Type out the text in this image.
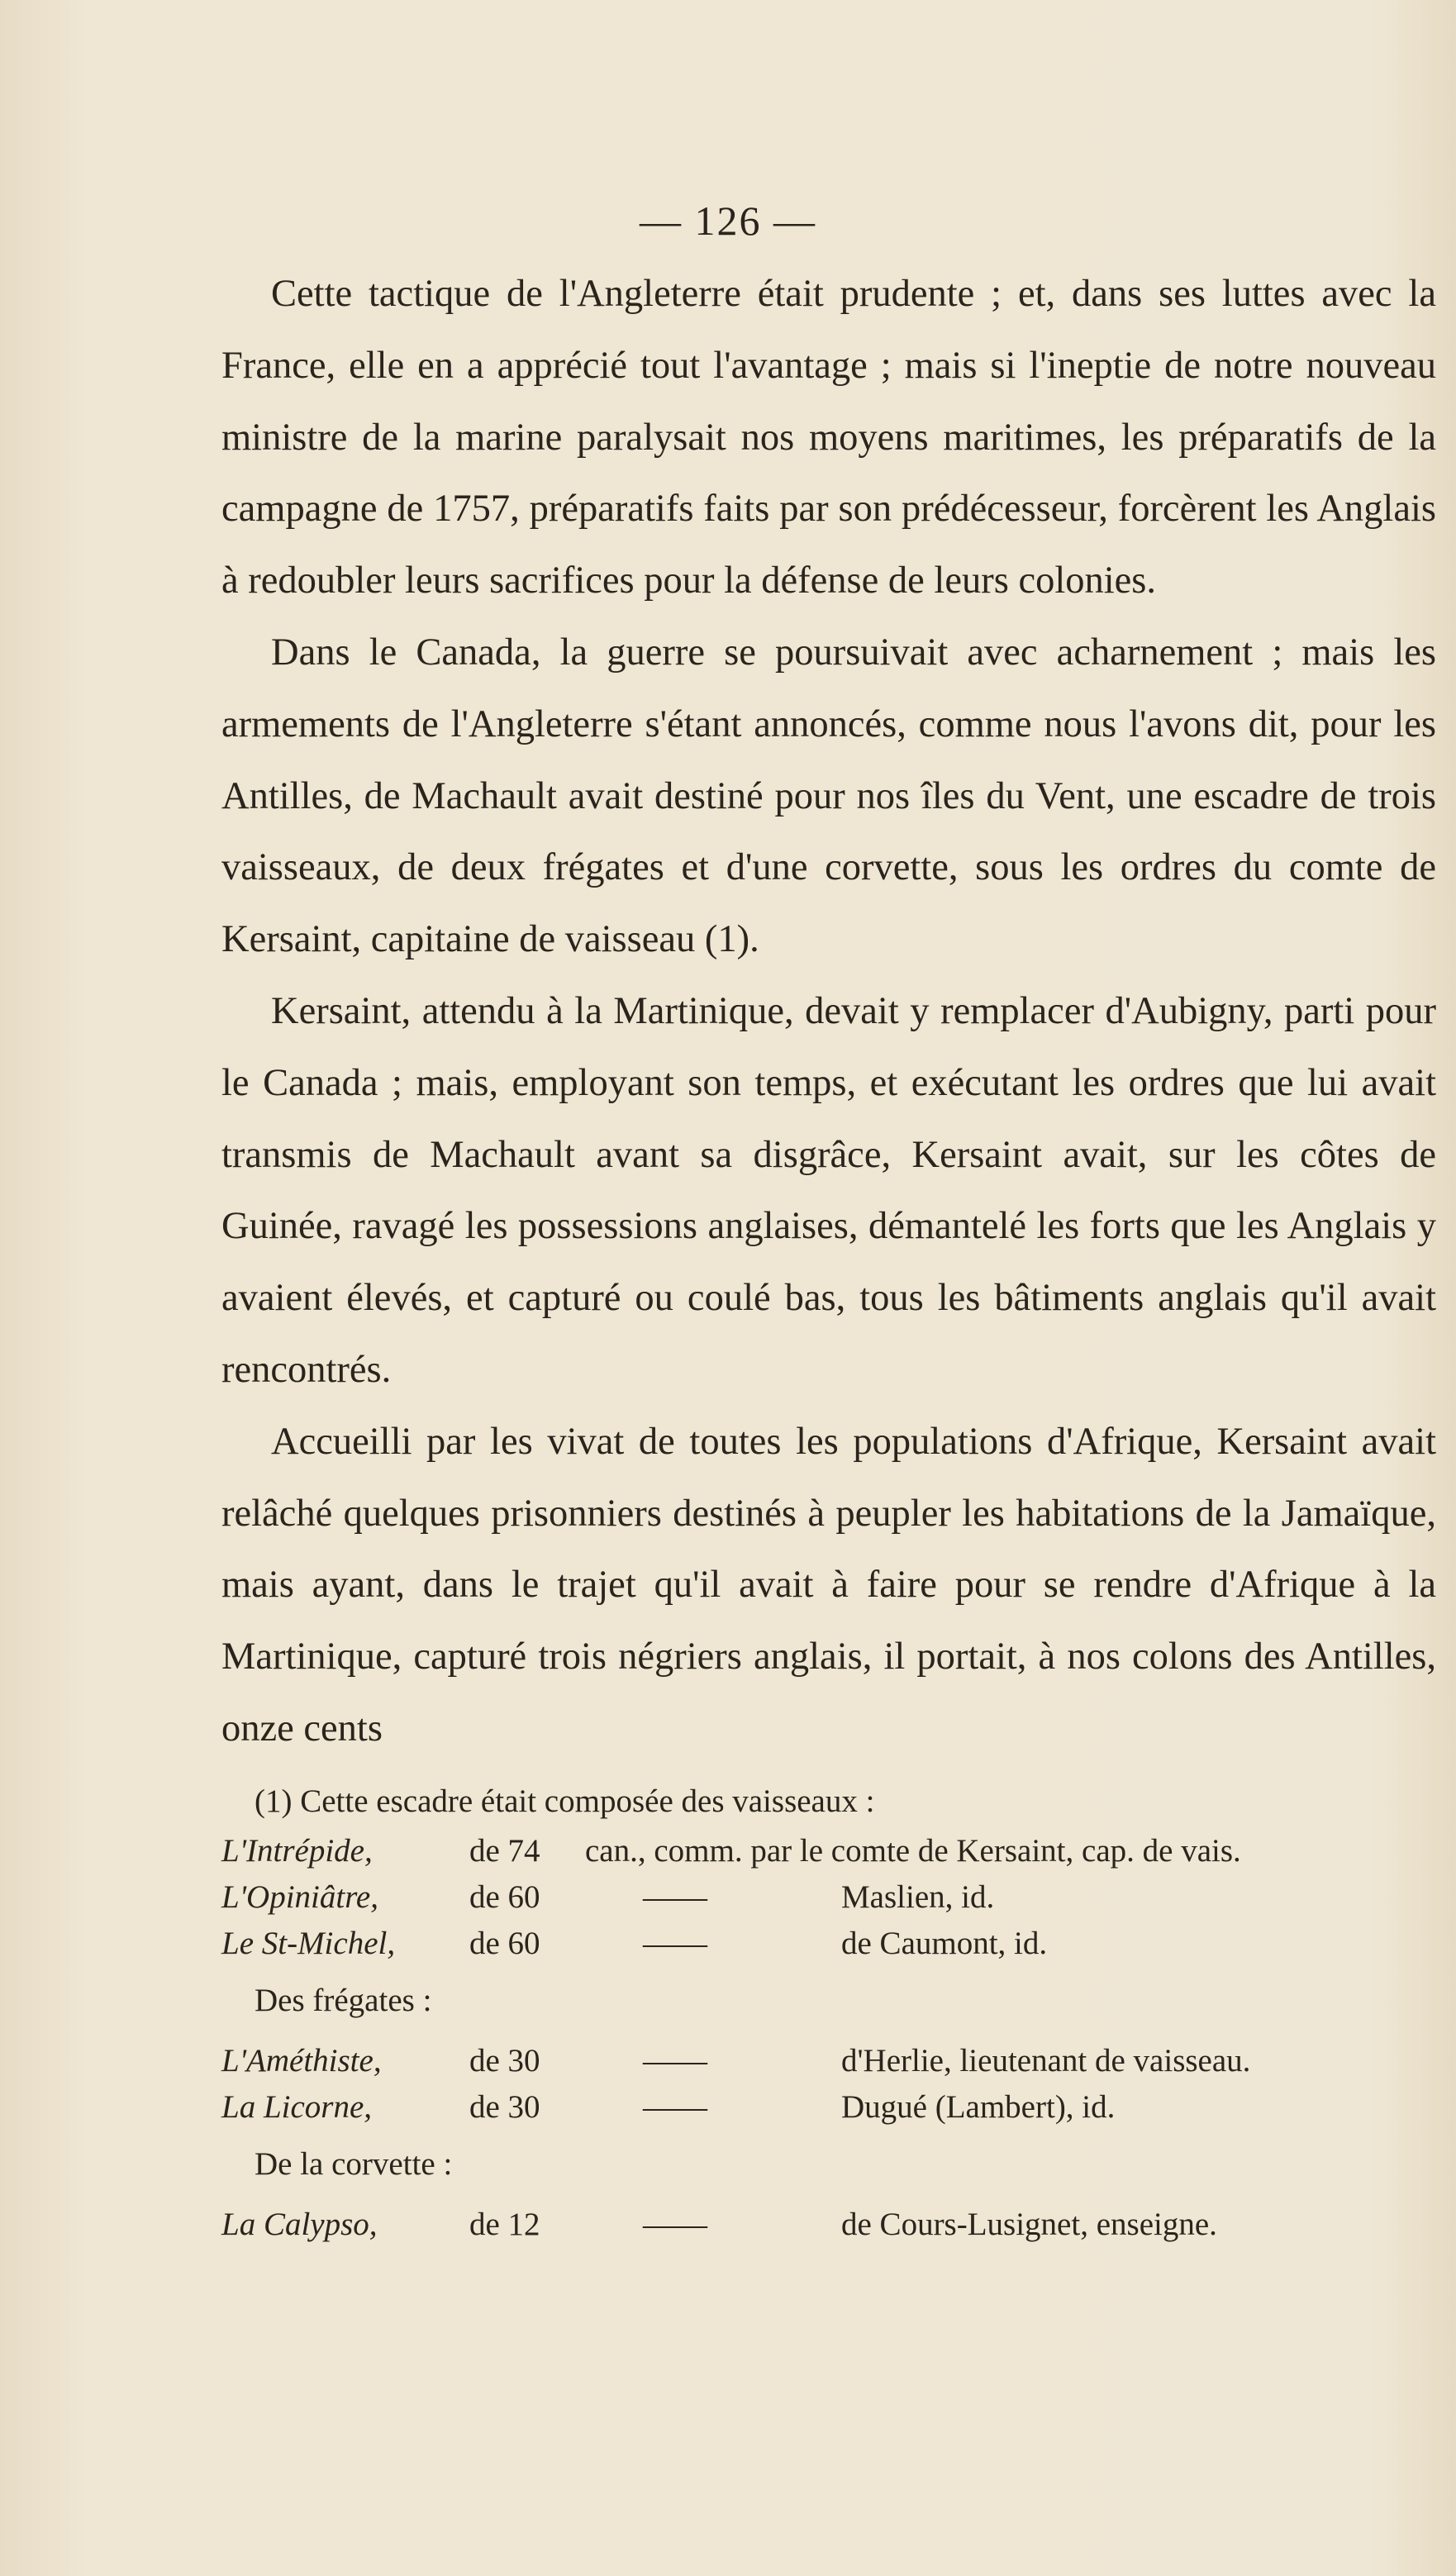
— 126 —

Cette tactique de l'Angleterre était prudente ; et, dans ses luttes avec la France, elle en a apprécié tout l'avantage ; mais si l'ineptie de notre nouveau ministre de la marine paralysait nos moyens maritimes, les préparatifs de la campagne de 1757, préparatifs faits par son prédécesseur, forcèrent les Anglais à redoubler leurs sacrifices pour la défense de leurs colonies.

Dans le Canada, la guerre se poursuivait avec acharnement ; mais les armements de l'Angleterre s'étant annoncés, comme nous l'avons dit, pour les Antilles, de Machault avait destiné pour nos îles du Vent, une escadre de trois vaisseaux, de deux frégates et d'une corvette, sous les ordres du comte de Kersaint, capitaine de vaisseau (1).

Kersaint, attendu à la Martinique, devait y remplacer d'Aubigny, parti pour le Canada ; mais, employant son temps, et exécutant les ordres que lui avait transmis de Machault avant sa disgrâce, Kersaint avait, sur les côtes de Guinée, ravagé les possessions anglaises, démantelé les forts que les Anglais y avaient élevés, et capturé ou coulé bas, tous les bâtiments anglais qu'il avait rencontrés.

Accueilli par les vivat de toutes les populations d'Afrique, Kersaint avait relâché quelques prisonniers destinés à peupler les habitations de la Jamaïque, mais ayant, dans le trajet qu'il avait à faire pour se rendre d'Afrique à la Martinique, capturé trois négriers anglais, il portait, à nos colons des Antilles, onze cents

(1) Cette escadre était composée des vaisseaux :
L'Intrépide,	de 74 can., comm. par le comte de Kersaint, cap. de vais.
L'Opiniâtre,	de 60	——	Maslien, id.
Le St-Michel, de 60	——	de Caumont, id.
Des frégates :
L'Améthiste,	de 30	——	d'Herlie, lieutenant de vaisseau.
La Licorne,	de 30	——	Dugué (Lambert), id.
De la corvette :
La Calypso,	de 12	——	de Cours-Lusignet, enseigne.
